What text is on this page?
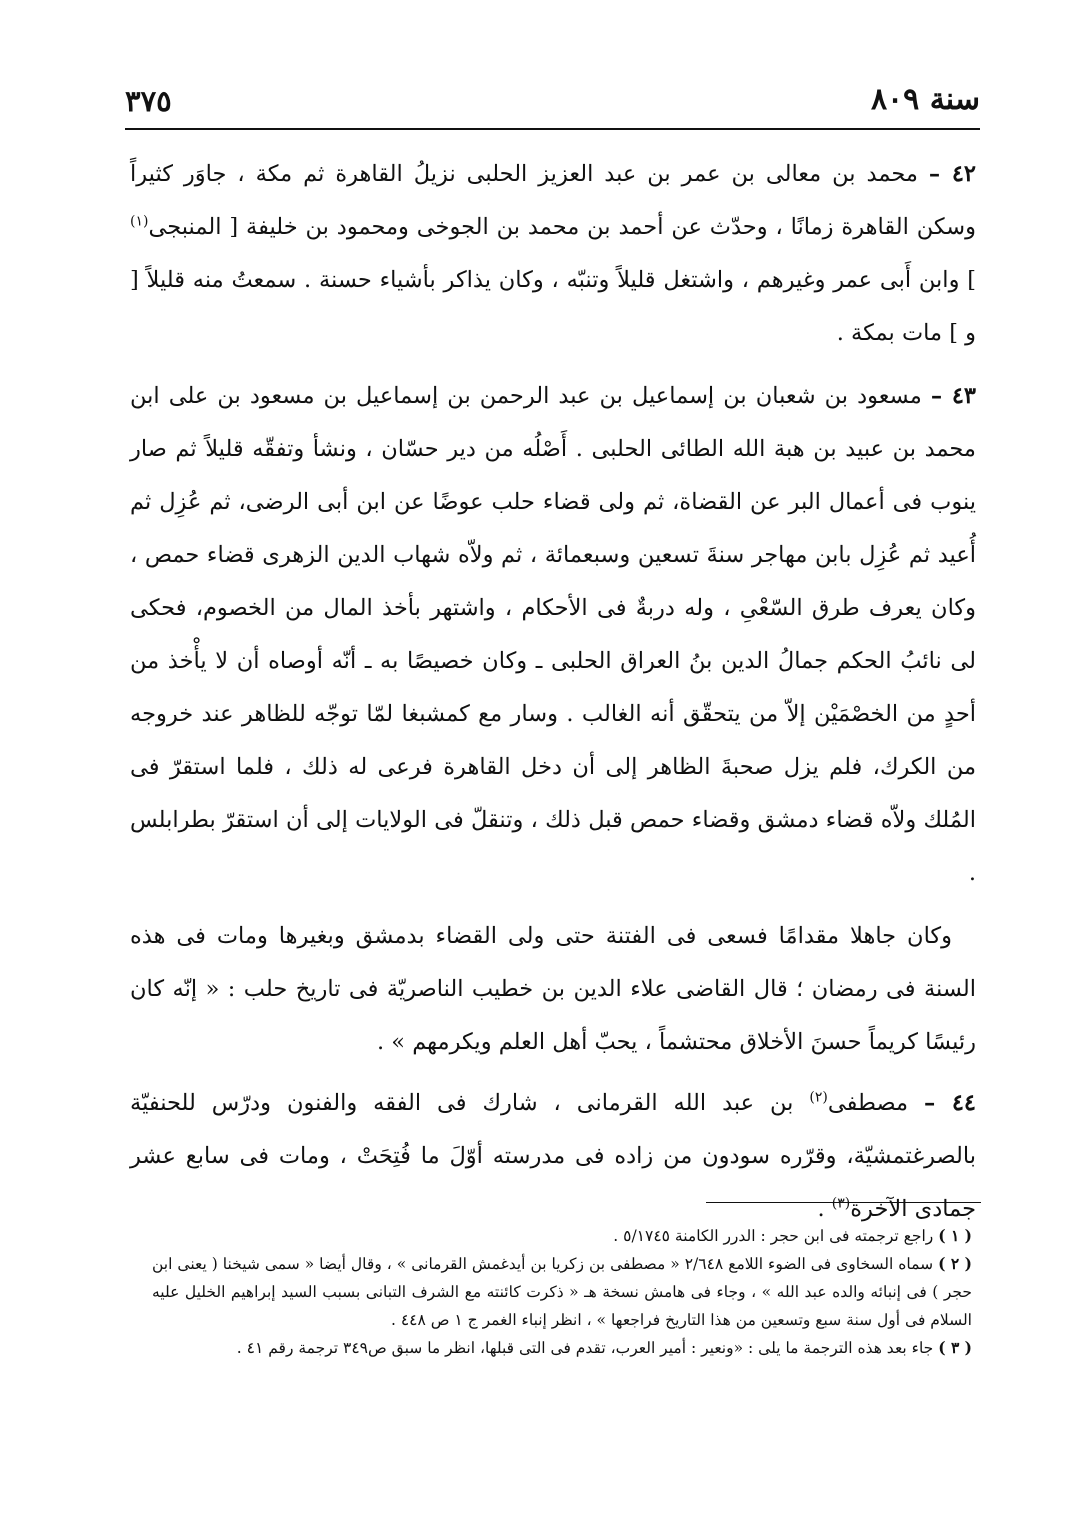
سنة ٨٠٩
٣٧٥

٤٢ – محمد بن معالى بن عمر بن عبد العزيز الحلبى نزيلُ القاهرة ثم مكة ، جاوَر كثيراً وسكن القاهرة زمانًا ، وحدّث عن أحمد بن محمد بن الجوخى ومحمود بن خليفة [ المنبجى$^{(١)}$ ] وابن أَبى عمر وغيرهم ، واشتغل قليلاً وتنبّه ، وكان يذاكر بأشياء حسنة . سمعتُ منه قليلاً [ و ] مات بمكة .

٤٣ – مسعود بن شعبان بن إسماعيل بن عبد الرحمن بن إسماعيل بن مسعود بن على ابن محمد بن عبيد بن هبة الله الطائى الحلبى . أَصْلُه من دير حسّان ، ونشأ وتفقّه قليلاً ثم صار ينوب فى أعمال البر عن القضاة، ثم ولى قضاء حلب عوضًا عن ابن أبى الرضى، ثم عُزِل ثم أُعيد ثم عُزِل بابن مهاجر سنةَ تسعين وسبعمائة ، ثم ولاّه شهاب الدين الزهرى قضاء حمص ، وكان يعرف طرق السّعْىِ ، وله دربةٌ فى الأحكام ، واشتهر بأخذ المال من الخصوم، فحكى لى نائبُ الحكم جمالُ الدين بنُ العراق الحلبى ـ وكان خصيصًا به ـ أنّه أوصاه أن لا يأْخذ من أحدٍ من الخصْمَيْن إلاّ من يتحقّق أنه الغالب . وسار مع كمشبغا لمّا توجّه للظاهر عند خروجه من الكرك، فلم يزل صحبةَ الظاهر إلى أن دخل القاهرة فرعى له ذلك ، فلما استقرّ فى المُلك ولاّه قضاء دمشق وقضاء حمص قبل ذلك ، وتنقلّ فى الولايات إلى أن استقرّ بطرابلس .

وكان جاهلا مقدامًا فسعى فى الفتنة حتى ولى القضاء بدمشق وبغيرها ومات فى هذه السنة فى رمضان ؛ قال القاضى علاء الدين بن خطيب الناصريّة فى تاريخ حلب : « إنّه كان رئيسًا كريماً حسنَ الأخلاق محتشماً ، يحبّ أهل العلم ويكرمهم » .

٤٤ – مصطفى$^{(٢)}$ بن عبد الله القرمانى ، شارك فى الفقه والفنون ودرّس للحنفيّة بالصرغتمشيّة، وقرّره سودون من زاده فى مدرسته أوّلَ ما فُتِحَتْ ، ومات فى سابع عشر جمادى الآخرة$^{(٣)}$ .

( ١ ) راجع ترجمته فى ابن حجر : الدرر الكامنة ٥/١٧٤٥ .

( ٢ ) سماه السخاوى فى الضوء اللامع ٢/٦٤٨ « مصطفى بن زكريا بن أيدغمش القرمانى » ، وقال أيضا « سمى شيخنا ( يعنى ابن حجر ) فى إنبائه والده عبد الله » ، وجاء فى هامش نسخة هـ « ذكرت كائنته مع الشرف التبانى بسبب السيد إبراهيم الخليل عليه السلام فى أول سنة سبع وتسعين من هذا التاريخ فراجعها » ، انظر إنباء الغمر ج ١ ص ٤٤٨ .

( ٣ ) جاء بعد هذه الترجمة ما يلى : «ونعير : أمير العرب، تقدم فى التى قبلها، انظر ما سبق ص٣٤٩ ترجمة رقم ٤١ .
